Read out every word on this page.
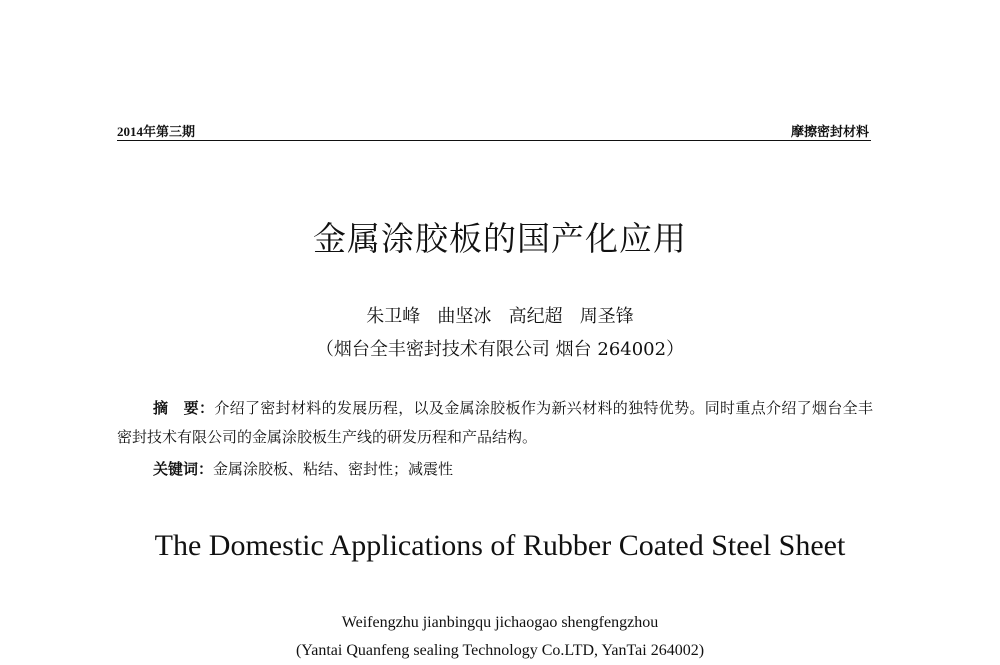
2014年第三期	摩擦密封材料
金属涂胶板的国产化应用
朱卫峰   曲坚冰   高纪超   周圣锋
（烟台全丰密封技术有限公司 烟台 264002）
摘　要：介绍了密封材料的发展历程，以及金属涂胶板作为新兴材料的独特优势。同时重点介绍了烟台全丰密封技术有限公司的金属涂胶板生产线的研发历程和产品结构。
关键词：金属涂胶板、粘结、密封性；减震性
The Domestic Applications of Rubber Coated Steel Sheet
Weifengzhu jianbingqu jichaogao shengfengzhou
(Yantai Quanfeng sealing Technology Co.LTD, YanTai 264002)
